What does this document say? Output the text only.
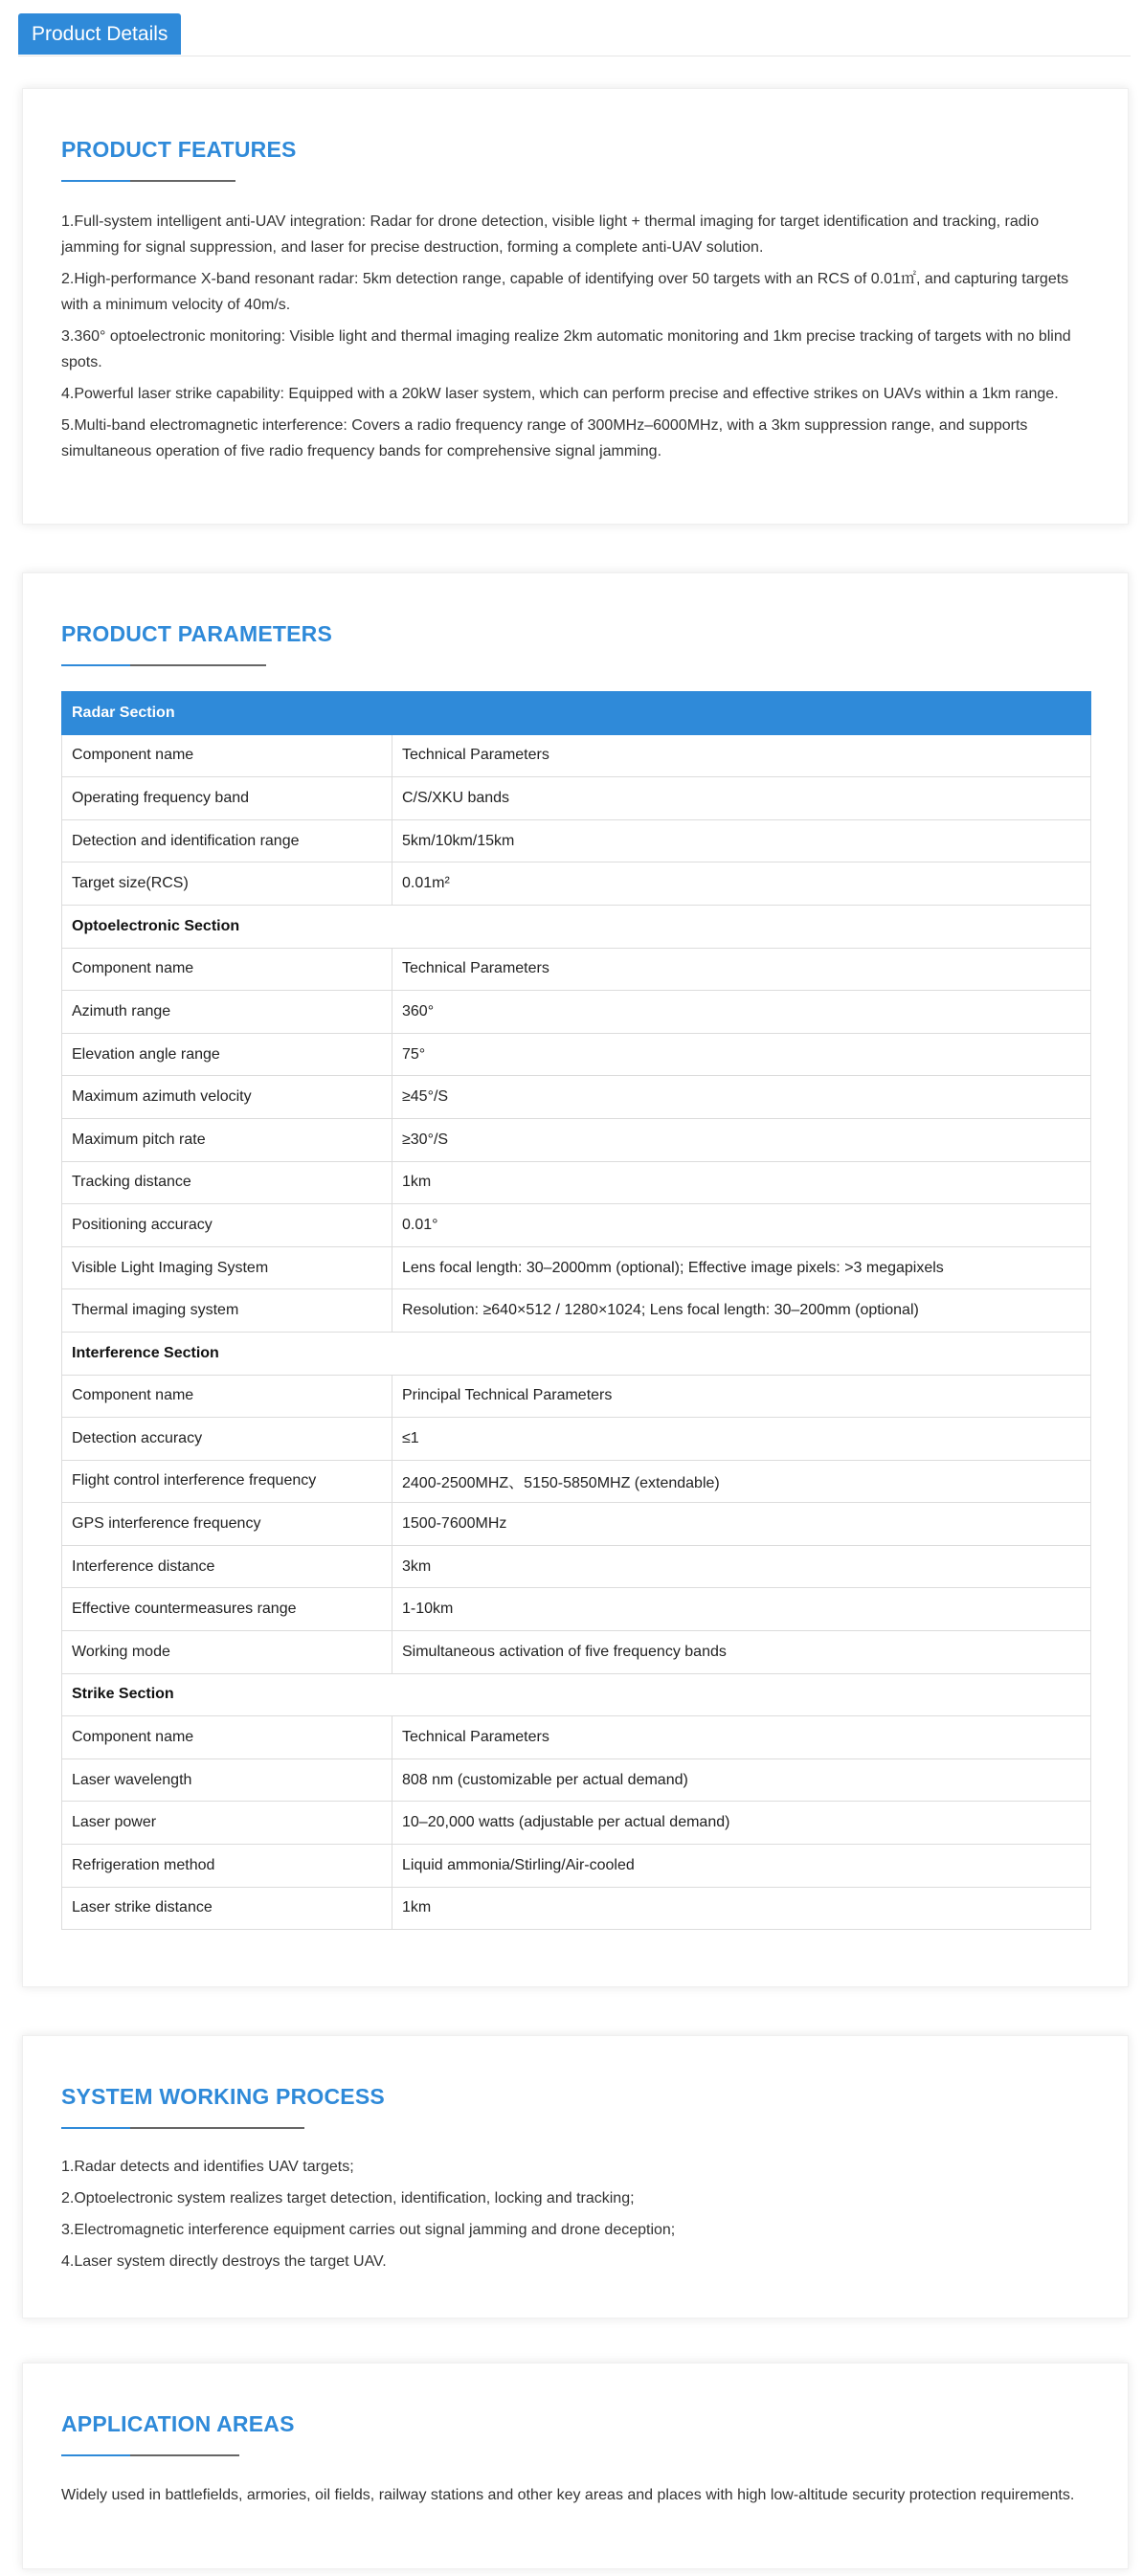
Product Details
PRODUCT FEATURES
1.Full-system intelligent anti-UAV integration: Radar for drone detection, visible light + thermal imaging for target identification and tracking, radio jamming for signal suppression, and laser for precise destruction, forming a complete anti-UAV solution.
2.High-performance X-band resonant radar: 5km detection range, capable of identifying over 50 targets with an RCS of 0.01㎡, and capturing targets with a minimum velocity of 40m/s.
3.360° optoelectronic monitoring: Visible light and thermal imaging realize 2km automatic monitoring and 1km precise tracking of targets with no blind spots.
4.Powerful laser strike capability: Equipped with a 20kW laser system, which can perform precise and effective strikes on UAVs within a 1km range.
5.Multi-band electromagnetic interference: Covers a radio frequency range of 300MHz–6000MHz, with a 3km suppression range, and supports simultaneous operation of five radio frequency bands for comprehensive signal jamming.
PRODUCT PARAMETERS
Radar Section	
Component name	Technical Parameters
Operating frequency band	C/S/XKU bands
Detection and identification range	5km/10km/15km
Target size(RCS)	0.01m²
Optoelectronic Section	
Component name	Technical Parameters
Azimuth range	360°
Elevation angle range	75°
Maximum azimuth velocity	≥45°/S
Maximum pitch rate	≥30°/S
Tracking distance	1km
Positioning accuracy	0.01°
Visible Light Imaging System	Lens focal length: 30–2000mm (optional); Effective image pixels: >3 megapixels
Thermal imaging system	Resolution: ≥640×512 / 1280×1024; Lens focal length: 30–200mm (optional)
Interference Section	
Component name	Principal Technical Parameters
Detection accuracy	≤1
Flight control interference frequency	2400-2500MHZ、5150-5850MHZ (extendable)
GPS interference frequency	1500-7600MHz
Interference distance	3km
Effective countermeasures range	1-10km
Working mode	Simultaneous activation of five frequency bands
Strike Section	
Component name	Technical Parameters
Laser wavelength	808 nm (customizable per actual demand)
Laser power	10–20,000 watts (adjustable per actual demand)
Refrigeration method	Liquid ammonia/Stirling/Air-cooled
Laser strike distance	1km
SYSTEM WORKING PROCESS
1.Radar detects and identifies UAV targets;
2.Optoelectronic system realizes target detection, identification, locking and tracking;
3.Electromagnetic interference equipment carries out signal jamming and drone deception;
4.Laser system directly destroys the target UAV.
APPLICATION AREAS

Widely used in battlefields, armories, oil fields, railway stations and other key areas and places with high low-altitude security protection requirements.
